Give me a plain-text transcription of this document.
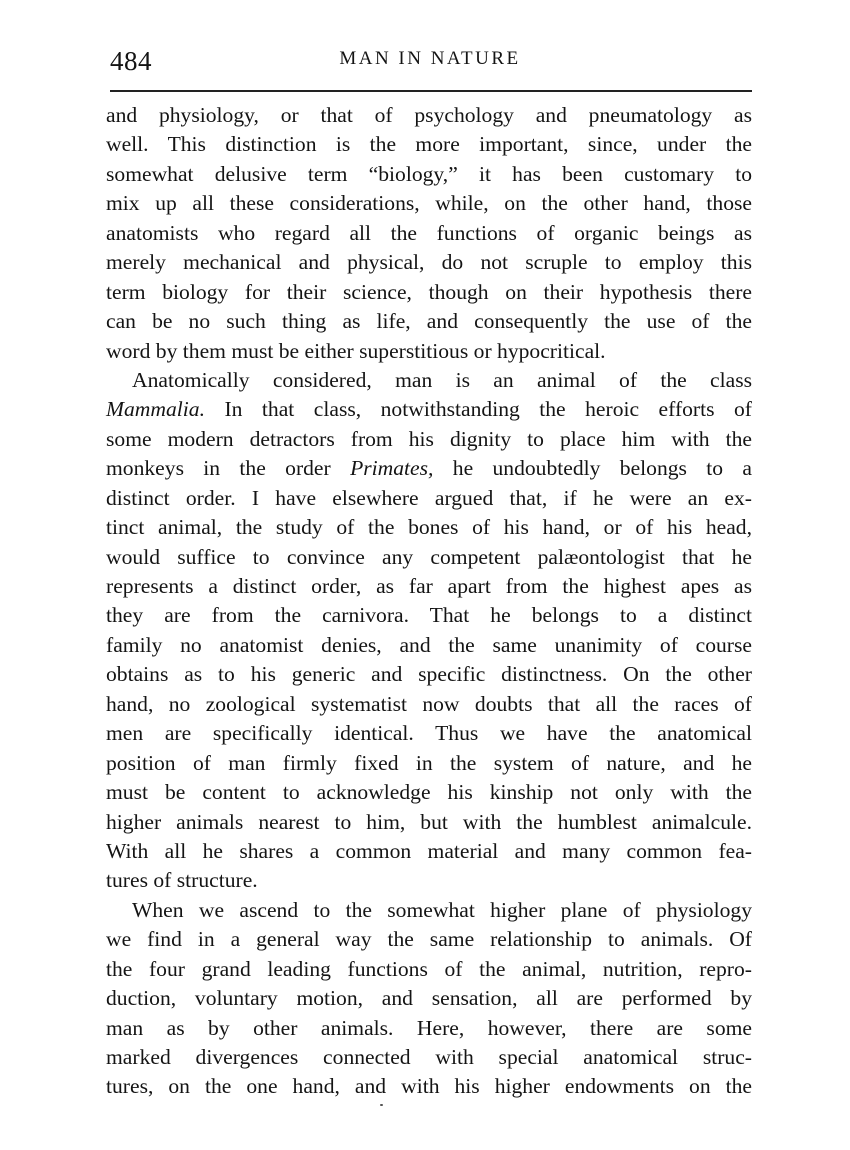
484	MAN IN NATURE
and physiology, or that of psychology and pneumatology as
well. This distinction is the more important, since, under the
somewhat delusive term “biology,” it has been customary to
mix up all these considerations, while, on the other hand, those
anatomists who regard all the functions of organic beings as
merely mechanical and physical, do not scruple to employ this
term biology for their science, though on their hypothesis there
can be no such thing as life, and consequently the use of the
word by them must be either superstitious or hypocritical.
Anatomically considered, man is an animal of the class
Mammalia. In that class, notwithstanding the heroic efforts of
some modern detractors from his dignity to place him with the
monkeys in the order Primates, he undoubtedly belongs to a
distinct order. I have elsewhere argued that, if he were an ex-
tinct animal, the study of the bones of his hand, or of his head,
would suffice to convince any competent palæontologist that he
represents a distinct order, as far apart from the highest apes as
they are from the carnivora. That he belongs to a distinct
family no anatomist denies, and the same unanimity of course
obtains as to his generic and specific distinctness. On the other
hand, no zoological systematist now doubts that all the races of
men are specifically identical. Thus we have the anatomical
position of man firmly fixed in the system of nature, and he
must be content to acknowledge his kinship not only with the
higher animals nearest to him, but with the humblest animalcule.
With all he shares a common material and many common fea-
tures of structure.
When we ascend to the somewhat higher plane of physiology
we find in a general way the same relationship to animals. Of
the four grand leading functions of the animal, nutrition, repro-
duction, voluntary motion, and sensation, all are performed by
man as by other animals. Here, however, there are some
marked divergences connected with special anatomical struc-
tures, on the one hand, and with his higher endowments on the
